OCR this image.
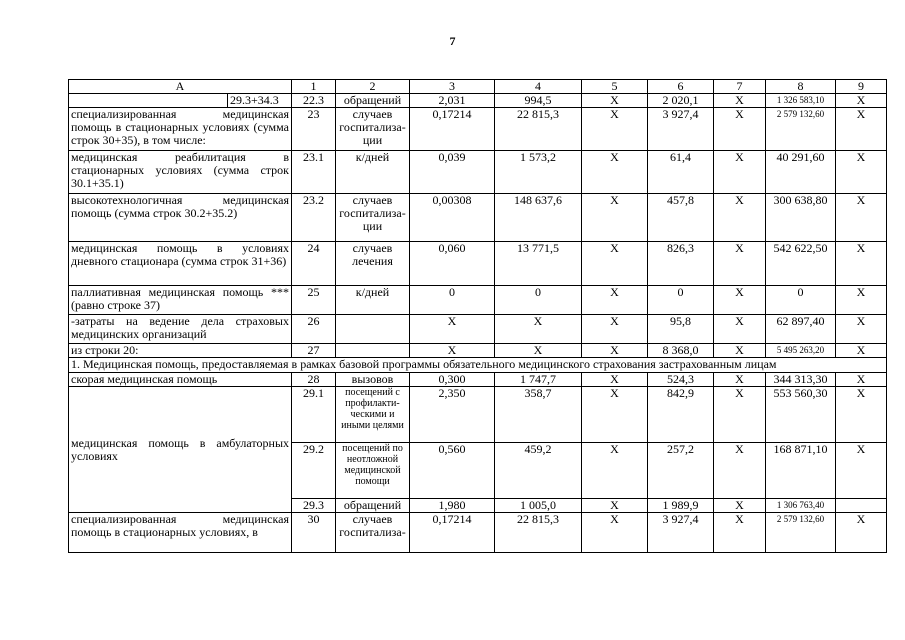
7
A	1	2	3	4	5	6	7	8	9

29.3+34.3	22.3	обращений	2,031	994,5	X	2 020,1	X	1 326 583,10	X
специализированная медицинская помощь в стационарных условиях (сумма строк 30+35), в том числе:	23	случаев госпитализа-ции	0,17214	22 815,3	X	3 927,4	X	2 579 132,60	X
медицинская реабилитация в стационарных условиях (сумма строк 30.1+35.1)	23.1	к/дней	0,039	1 573,2	X	61,4	X	40 291,60	X
высокотехнологичная медицинская помощь (сумма строк 30.2+35.2)	23.2	случаев госпитализа-ции	0,00308	148 637,6	X	457,8	X	300 638,80	X
медицинская помощь в условиях дневного стационара (сумма строк 31+36)	24	случаев лечения	0,060	13 771,5	X	826,3	X	542 622,50	X
паллиативная медицинская помощь *** (равно строке 37)	25	к/дней	0	0	X	0	X	0	X
-затраты на ведение дела страховых медицинских организаций	26		X	X	X	95,8	X	62 897,40	X
из строки 20:	27		X	X	X	8 368,0	X	5 495 263,20	X
1. Медицинская помощь, предоставляемая в рамках базовой программы обязательного медицинского страхования застрахованным лицам									
скорая медицинская помощь	28	вызовов	0,300	1 747,7	X	524,3	X	344 313,30	X
медицинская помощь в амбулаторных условиях	29.1	посещений с профилакти-ческими и иными целями	2,350	358,7	X	842,9	X	553 560,30	X
	29.2	посещений по неотложной медицинской помощи	0,560	459,2	X	257,2	X	168 871,10	X
	29.3	обращений	1,980	1 005,0	X	1 989,9	X	1 306 763,40	
специализированная медицинская помощь в стационарных условиях, в	30	случаев госпитализа-	0,17214	22 815,3	X	3 927,4	X	2 579 132,60	X
